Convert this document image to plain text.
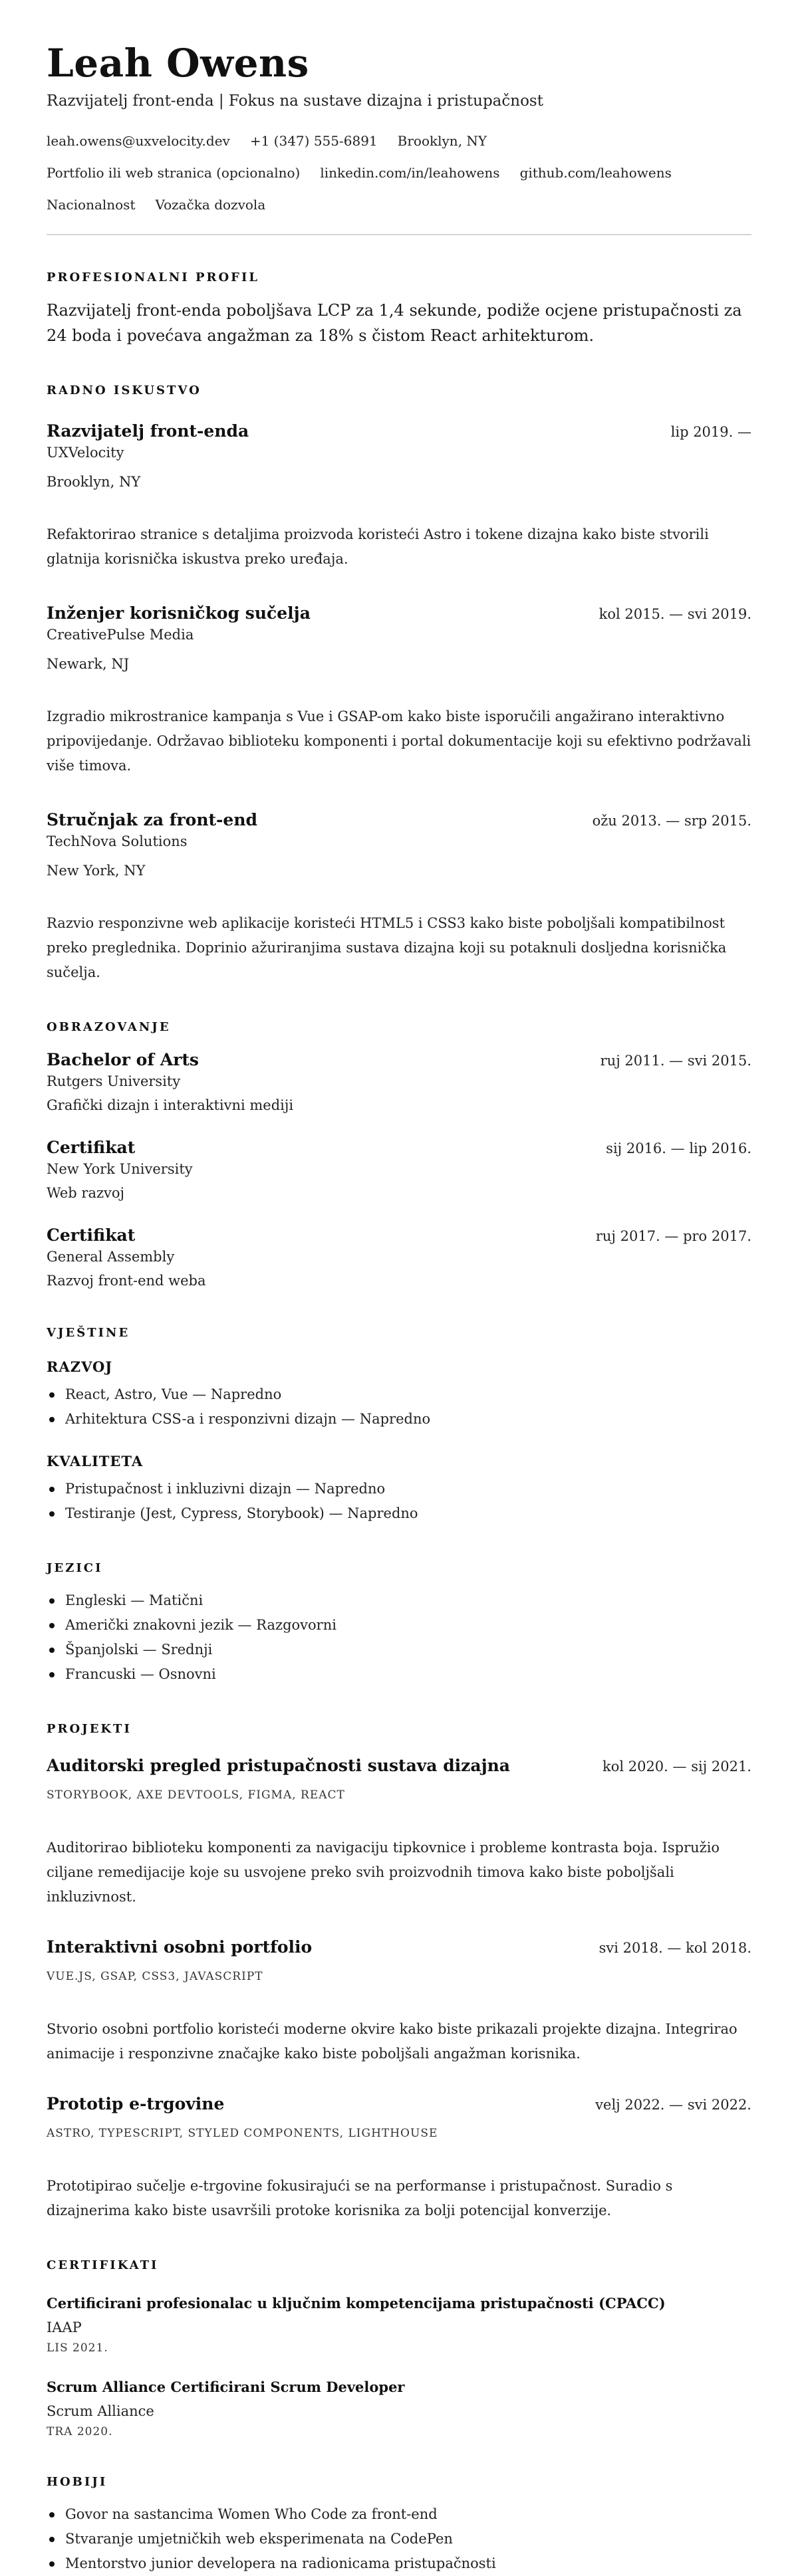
Leah Owens
Razvijatelj front-enda | Fokus na sustave dizajna i pristupačnost
leah.owens@uxvelocity.dev +1 (347) 555-6891 Brooklyn, NY
Portfolio ili web stranica (opcionalno) linkedin.com/in/leahowens github.com/leahowens
Nacionalnost Vozačka dozvola
PROFESIONALNI PROFIL

Razvijatelj front-enda poboljšava LCP za 1,4 sekunde, podiže ocjene pristupačnosti za 24 boda i povećava angažman za 18% s čistom React arhitekturom.

RADNO ISKUSTVO
Razvijatelj front-enda	lip 2019. —
UXVelocity
Brooklyn, NY

Refaktorirao stranice s detaljima proizvoda koristeći Astro i tokene dizajna kako biste stvorili glatnija korisnička iskustva preko uređaja.

Inženjer korisničkog sučelja	kol 2015. — svi 2019.
CreativePulse Media
Newark, NJ

Izgradio mikrostranice kampanja s Vue i GSAP-om kako biste isporučili angažirano interaktivno pripovijedanje. Održavao biblioteku komponenti i portal dokumentacije koji su efektivno podržavali više timova.

Stručnjak za front-end	ožu 2013. — srp 2015.
TechNova Solutions
New York, NY

Razvio responzivne web aplikacije koristeći HTML5 i CSS3 kako biste poboljšali kompatibilnost preko preglednika. Doprinio ažuriranjima sustava dizajna koji su potaknuli dosljedna korisnička sučelja.

OBRAZOVANJE
Bachelor of Arts	ruj 2011. — svi 2015.
Rutgers University
Grafički dizajn i interaktivni mediji
Certifikat	sij 2016. — lip 2016.
New York University
Web razvoj
Certifikat	ruj 2017. — pro 2017.
General Assembly
Razvoj front-end weba
VJEŠTINE
RAZVOJ
React, Astro, Vue — Napredno
Arhitektura CSS-a i responzivni dizajn — Napredno
KVALITETA
Pristupačnost i inkluzivni dizajn — Napredno
Testiranje (Jest, Cypress, Storybook) — Napredno
JEZICI
Engleski — Matični
Američki znakovni jezik — Razgovorni
Španjolski — Srednji
Francuski — Osnovni
PROJEKTI
Auditorski pregled pristupačnosti sustava dizajna	kol 2020. — sij 2021.
STORYBOOK, AXE DEVTOOLS, FIGMA, REACT

Auditorirao biblioteku komponenti za navigaciju tipkovnice i probleme kontrasta boja. Ispružio ciljane remedijacije koje su usvojene preko svih proizvodnih timova kako biste poboljšali inkluzivnost.

Interaktivni osobni portfolio	svi 2018. — kol 2018.
VUE.JS, GSAP, CSS3, JAVASCRIPT

Stvorio osobni portfolio koristeći moderne okvire kako biste prikazali projekte dizajna. Integrirao animacije i responzivne značajke kako biste poboljšali angažman korisnika.

Prototip e-trgovine	velj 2022. — svi 2022.
ASTRO, TYPESCRIPT, STYLED COMPONENTS, LIGHTHOUSE

Prototipirao sučelje e-trgovine fokusirajući se na performanse i pristupačnost. Suradio s dizajnerima kako biste usavršili protoke korisnika za bolji potencijal konverzije.

CERTIFIKATI
Certificirani profesionalac u ključnim kompetencijama pristupačnosti (CPACC)
IAAP
LIS 2021.
Scrum Alliance Certificirani Scrum Developer
Scrum Alliance
TRA 2020.
HOBIJI
Govor na sastancima Women Who Code za front-end
Stvaranje umjetničkih web eksperimenata na CodePen
Mentorstvo junior developera na radionicama pristupačnosti
